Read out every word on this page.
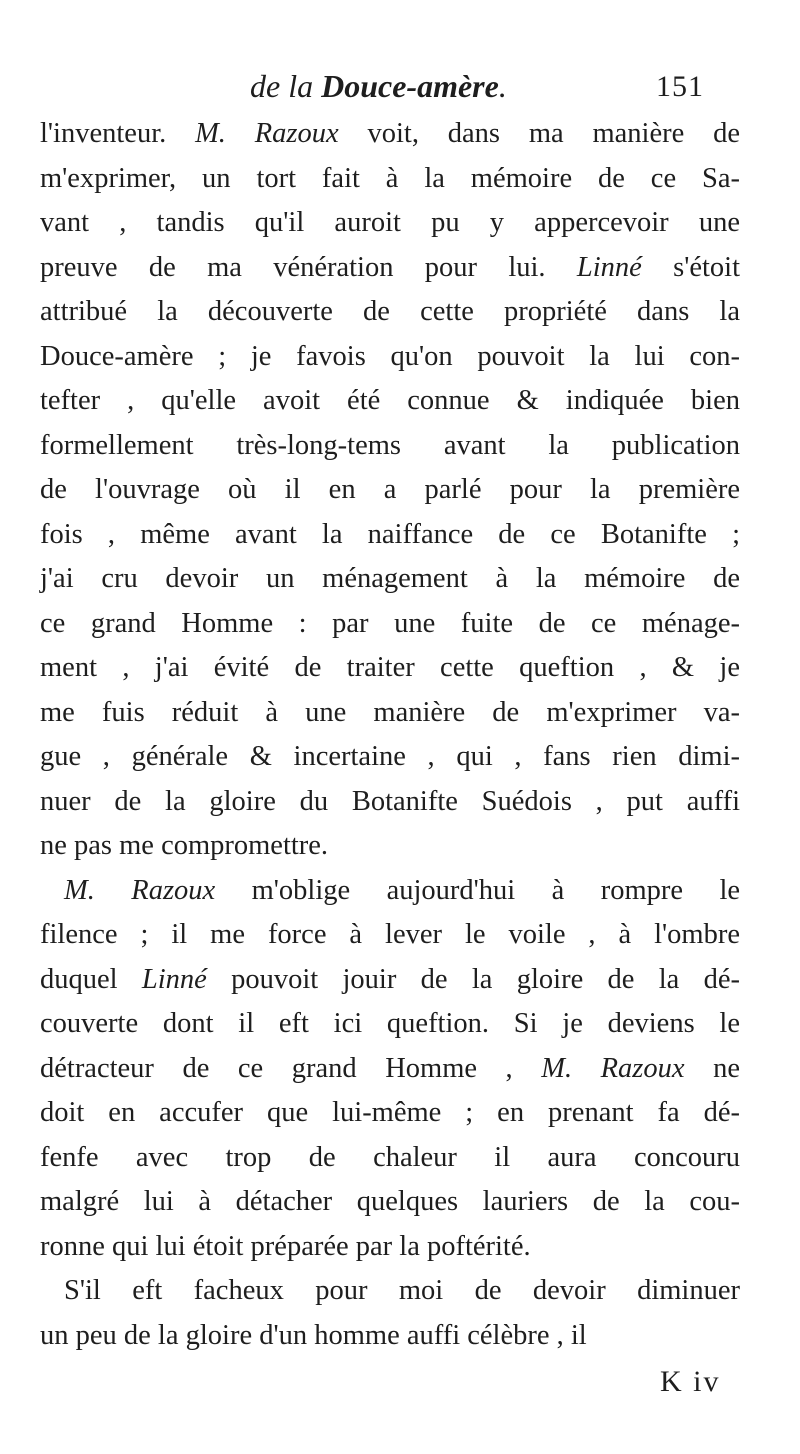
de la Douce-amère.	151
l'inventeur. M. Razoux voit, dans ma manière de
m'exprimer, un tort fait à la mémoire de ce Sa-
vant , tandis qu'il auroit pu y appercevoir une
preuve de ma vénération pour lui. Linné s'étoit
attribué la découverte de cette propriété dans la
Douce-amère ; je favois qu'on pouvoit la lui con-
tefter , qu'elle avoit été connue & indiquée bien
formellement très-long-tems avant la publication
de l'ouvrage où il en a parlé pour la première
fois , même avant la naiffance de ce Botanifte ;
j'ai cru devoir un ménagement à la mémoire de
ce grand Homme : par une fuite de ce ménage-
ment , j'ai évité de traiter cette queftion , & je
me fuis réduit à une manière de m'exprimer va-
gue , générale & incertaine , qui , fans rien dimi-
nuer de la gloire du Botanifte Suédois , put auffi
ne pas me compromettre.
M. Razoux m'oblige aujourd'hui à rompre le
filence ; il me force à lever le voile , à l'ombre
duquel Linné pouvoit jouir de la gloire de la dé-
couverte dont il eft ici queftion. Si je deviens le
détracteur de ce grand Homme , M. Razoux ne
doit en accufer que lui-même ; en prenant fa dé-
fenfe avec trop de chaleur il aura concouru
malgré lui à détacher quelques lauriers de la cou-
ronne qui lui étoit préparée par la poftérité.
S'il eft facheux pour moi de devoir diminuer
un peu de la gloire d'un homme auffi célèbre , il
K iv
